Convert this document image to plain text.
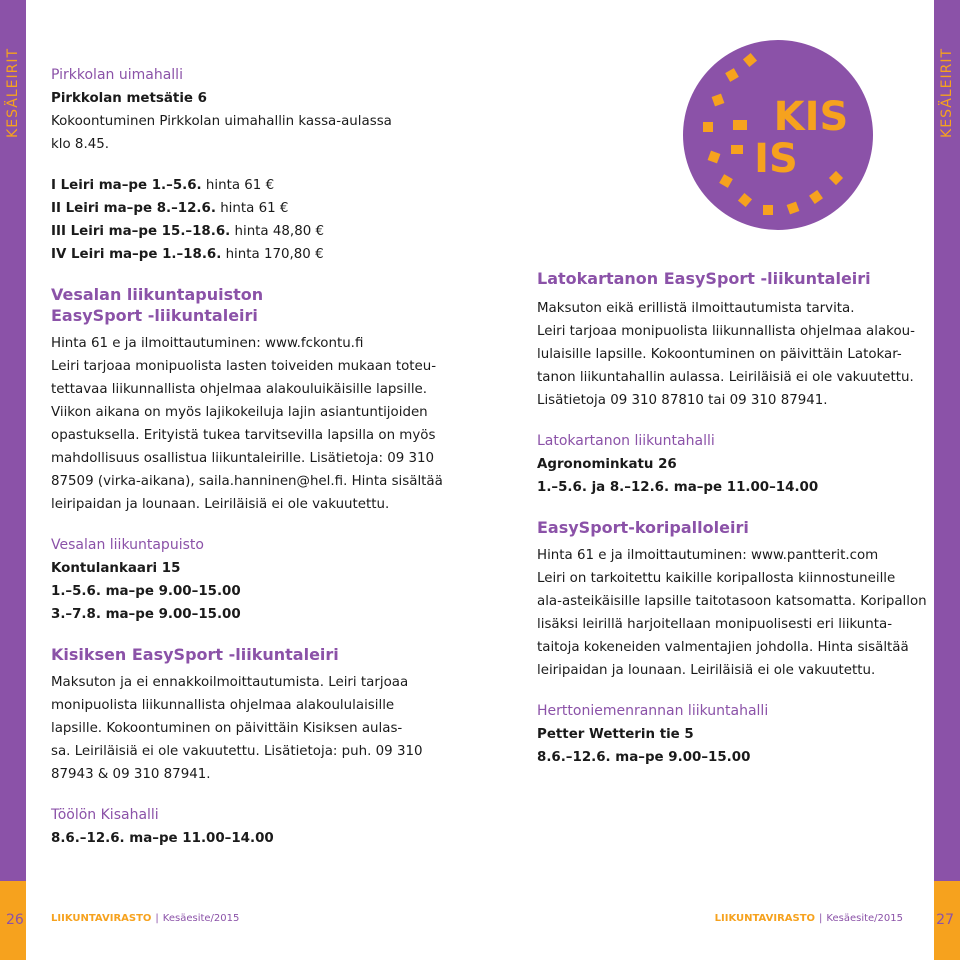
KESÄLEIRIT	KESÄLEIRIT
Pirkkolan uimahalli
Pirkkolan metsätie 6
Kokoontuminen Pirkkolan uimahallin kassa-aulassa
klo 8.45.
I Leiri ma–pe 1.–5.6. hinta 61 €
II Leiri ma–pe 8.–12.6. hinta 61 €
III Leiri ma–pe 15.–18.6. hinta 48,80 €
IV Leiri ma–pe 1.–18.6. hinta 170,80 €
Vesalan liikuntapuiston
EasySport -liikuntaleiri
Hinta 61 e ja ilmoittautuminen: www.fckontu.fi
Leiri tarjoaa monipuolista lasten toiveiden mukaan toteu-
tettavaa liikunnallista ohjelmaa alakouluikäisille lapsille.
Viikon aikana on myös lajikokeiluja lajin asiantuntijoiden
opastuksella. Erityistä tukea tarvitsevilla lapsilla on myös
mahdollisuus osallistua liikuntaleirille. Lisätietoja: 09 310
87509 (virka-aikana), saila.hanninen@hel.fi. Hinta sisältää
leiripaidan ja lounaan. Leiriläisiä ei ole vakuutettu.
Vesalan liikuntapuisto
Kontulankaari 15
1.–5.6. ma–pe 9.00–15.00
3.–7.8. ma–pe 9.00–15.00
Kisiksen EasySport -liikuntaleiri
Maksuton ja ei ennakkoilmoittautumista. Leiri tarjoaa
monipuolista liikunnallista ohjelmaa alakoululaisille
lapsille. Kokoontuminen on päivittäin Kisiksen aulas-
sa. Leiriläisiä ei ole vakuutettu. Lisätietoja: puh. 09 310
87943 & 09 310 87941.
Töölön Kisahalli
8.6.–12.6. ma–pe 11.00–14.00
KIS
IS
Latokartanon EasySport -liikuntaleiri
Maksuton eikä erillistä ilmoittautumista tarvita.
Leiri tarjoaa monipuolista liikunnallista ohjelmaa alakou-
lulaisille lapsille. Kokoontuminen on päivittäin Latokar-
tanon liikuntahallin aulassa. Leiriläisiä ei ole vakuutettu.
Lisätietoja 09 310 87810 tai 09 310 87941.
Latokartanon liikuntahalli
Agronominkatu 26
1.–5.6. ja 8.–12.6. ma–pe 11.00–14.00
EasySport-koripalloleiri
Hinta 61 e ja ilmoittautuminen: www.pantterit.com
Leiri on tarkoitettu kaikille koripallosta kiinnostuneille
ala-asteikäisille lapsille taitotasoon katsomatta. Koripallon
lisäksi leirillä harjoitellaan monipuolisesti eri liikunta-
taitoja kokeneiden valmentajien johdolla. Hinta sisältää
leiripaidan ja lounaan. Leiriläisiä ei ole vakuutettu.
Herttoniemenrannan liikuntahalli
Petter Wetterin tie 5
8.6.–12.6. ma–pe 9.00–15.00
26	27
LIIKUNTAVIRASTO | Kesäesite/2015	LIIKUNTAVIRASTO | Kesäesite/2015
